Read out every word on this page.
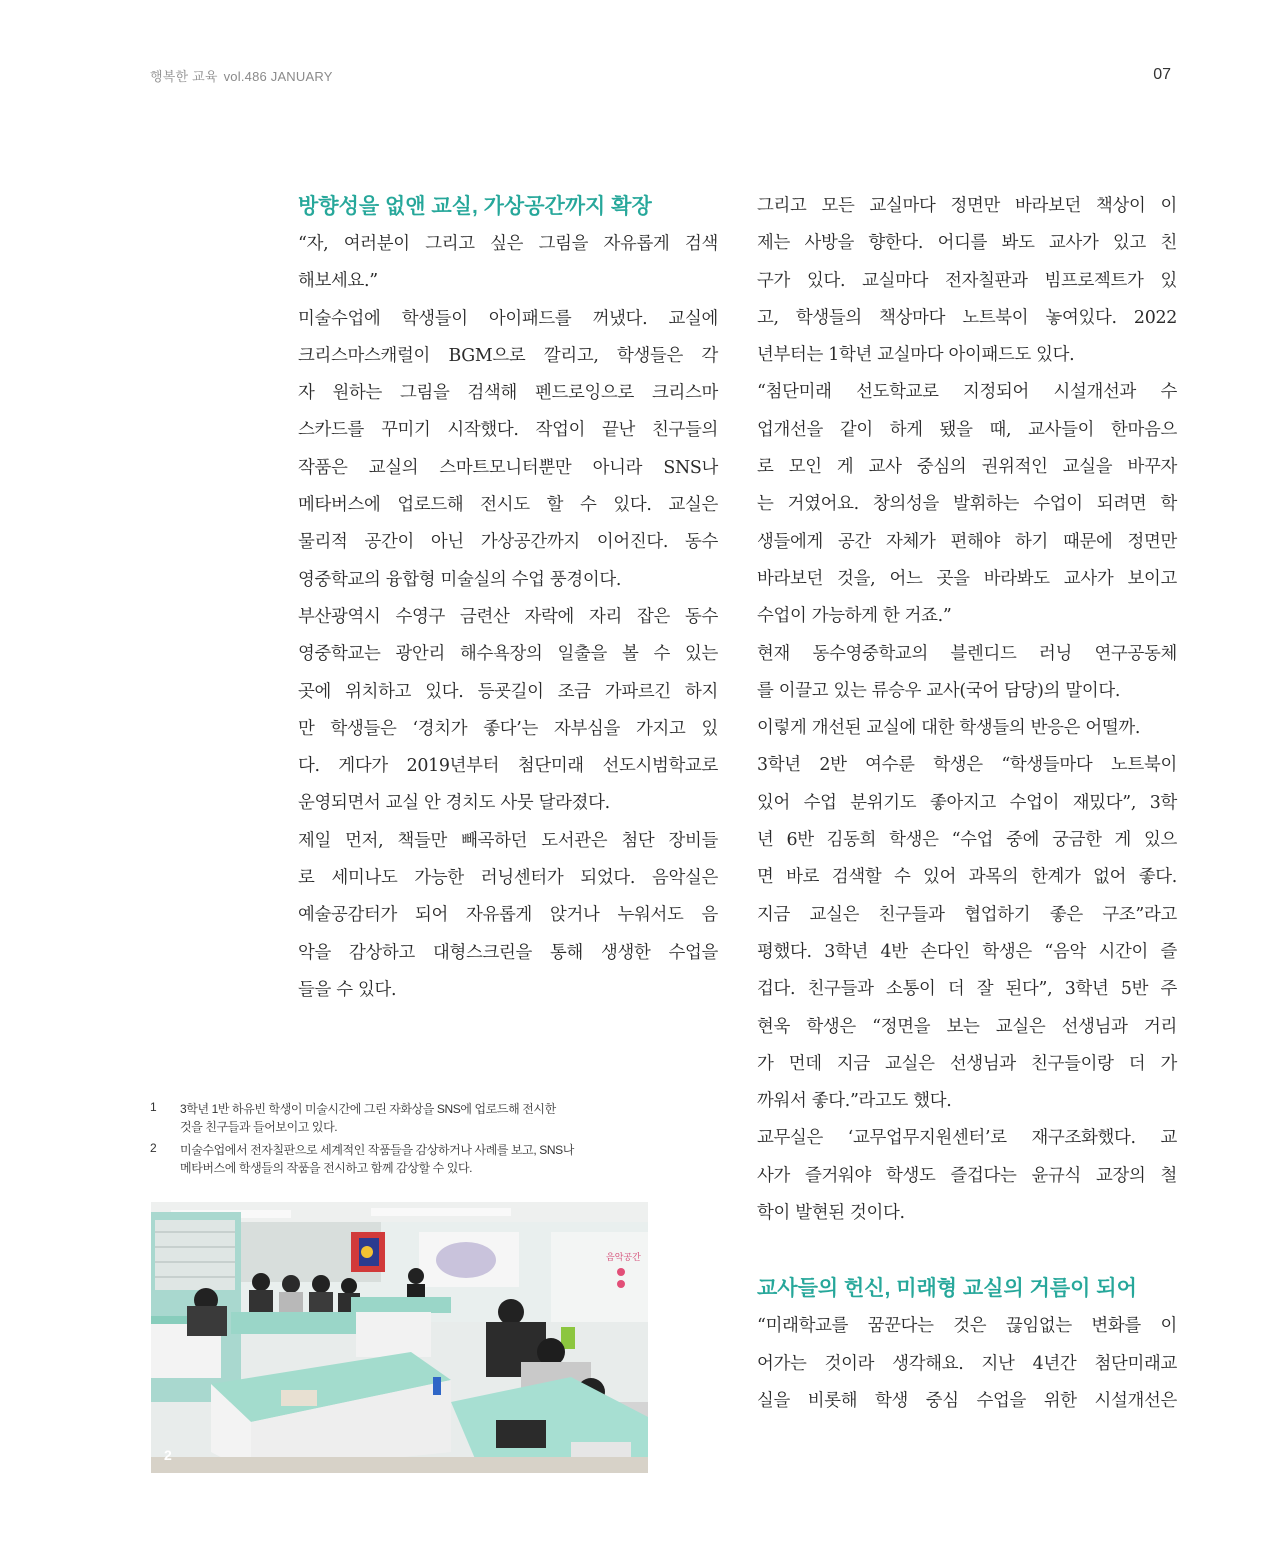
행복한 교육 vol.486 JANUARY	07
방향성을 없앤 교실, 가상공간까지 확장
“자, 여러분이 그리고 싶은 그림을 자유롭게 검색
해보세요.”
미술수업에 학생들이 아이패드를 꺼냈다. 교실에
크리스마스캐럴이 BGM으로 깔리고, 학생들은 각
자 원하는 그림을 검색해 펜드로잉으로 크리스마
스카드를 꾸미기 시작했다. 작업이 끝난 친구들의
작품은 교실의 스마트모니터뿐만 아니라 SNS나
메타버스에 업로드해 전시도 할 수 있다. 교실은
물리적 공간이 아닌 가상공간까지 이어진다. 동수
영중학교의 융합형 미술실의 수업 풍경이다.
부산광역시 수영구 금련산 자락에 자리 잡은 동수
영중학교는 광안리 해수욕장의 일출을 볼 수 있는
곳에 위치하고 있다. 등굣길이 조금 가파르긴 하지
만 학생들은 ‘경치가 좋다’는 자부심을 가지고 있
다. 게다가 2019년부터 첨단미래 선도시범학교로
운영되면서 교실 안 경치도 사뭇 달라졌다.
제일 먼저, 책들만 빼곡하던 도서관은 첨단 장비들
로 세미나도 가능한 러닝센터가 되었다. 음악실은
예술공감터가 되어 자유롭게 앉거나 누워서도 음
악을 감상하고 대형스크린을 통해 생생한 수업을
들을 수 있다.
그리고 모든 교실마다 정면만 바라보던 책상이 이
제는 사방을 향한다. 어디를 봐도 교사가 있고 친
구가 있다. 교실마다 전자칠판과 빔프로젝트가 있
고, 학생들의 책상마다 노트북이 놓여있다. 2022
년부터는 1학년 교실마다 아이패드도 있다.
“첨단미래 선도학교로 지정되어 시설개선과 수
업개선을 같이 하게 됐을 때, 교사들이 한마음으
로 모인 게 교사 중심의 권위적인 교실을 바꾸자
는 거였어요. 창의성을 발휘하는 수업이 되려면 학
생들에게 공간 자체가 편해야 하기 때문에 정면만
바라보던 것을, 어느 곳을 바라봐도 교사가 보이고
수업이 가능하게 한 거죠.”
현재 동수영중학교의 블렌디드 러닝 연구공동체
를 이끌고 있는 류승우 교사(국어 담당)의 말이다.
이렇게 개선된 교실에 대한 학생들의 반응은 어떨까.
3학년 2반 여수룬 학생은 “학생들마다 노트북이
있어 수업 분위기도 좋아지고 수업이 재밌다”, 3학
년 6반 김동희 학생은 “수업 중에 궁금한 게 있으
면 바로 검색할 수 있어 과목의 한계가 없어 좋다.
지금 교실은 친구들과 협업하기 좋은 구조”라고
평했다. 3학년 4반 손다인 학생은 “음악 시간이 즐
겁다. 친구들과 소통이 더 잘 된다”, 3학년 5반 주
현욱 학생은 “정면을 보는 교실은 선생님과 거리
가 먼데 지금 교실은 선생님과 친구들이랑 더 가
까워서 좋다.”라고도 했다.
교무실은 ‘교무업무지원센터’로 재구조화했다. 교
사가 즐거워야 학생도 즐겁다는 윤규식 교장의 철
학이 발현된 것이다.
교사들의 헌신, 미래형 교실의 거름이 되어
“미래학교를 꿈꾼다는 것은 끊임없는 변화를 이
어가는 것이라 생각해요. 지난 4년간 첨단미래교
실을 비롯해 학생 중심 수업을 위한 시설개선은
1	3학년 1반 하유빈 학생이 미술시간에 그린 자화상을 SNS에 업로드해 전시한
것을 친구들과 들어보이고 있다.
2	미술수업에서 전자칠판으로 세계적인 작품들을 감상하거나 사례를 보고, SNS나
메타버스에 학생들의 작품을 전시하고 함께 감상할 수 있다.
음악공간
2
